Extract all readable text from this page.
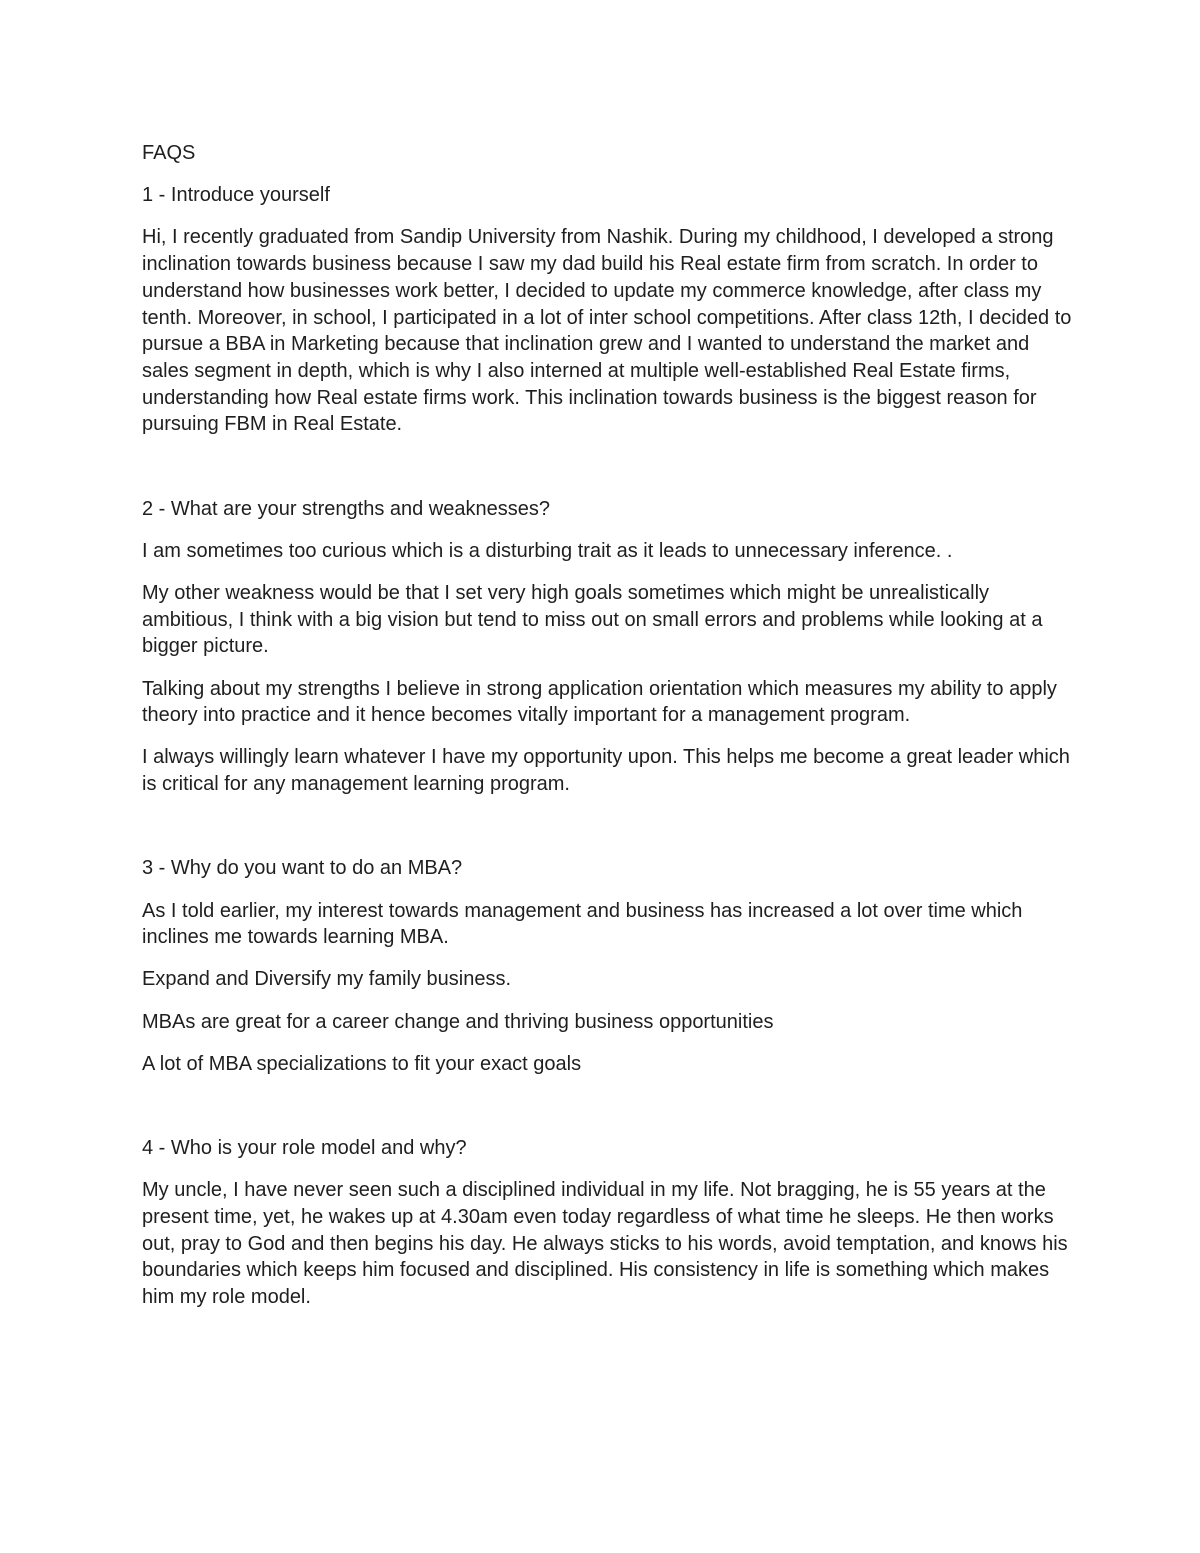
FAQS
1 - Introduce yourself

Hi, I recently graduated from Sandip University from Nashik. During my childhood, I developed a strong inclination towards business because I saw my dad build his Real estate firm from scratch. In order to understand how businesses work better, I decided to update my commerce knowledge, after class my tenth. Moreover, in school, I participated in a lot of inter school competitions. After class 12th, I decided to pursue a BBA in Marketing because that inclination grew and I wanted to understand the market and sales segment in depth, which is why I also interned at multiple well-established Real Estate firms, understanding how Real estate firms work. This inclination towards business is the biggest reason for pursuing FBM in Real Estate.

2 - What are your strengths and weaknesses?

I am sometimes too curious which is a disturbing trait as it leads to unnecessary inference. .

My other weakness would be that I set very high goals sometimes which might be unrealistically ambitious, I think with a big vision but tend to miss out on small errors and problems while looking at a bigger picture.

Talking about my strengths I believe in strong application orientation which measures my ability to apply theory into practice and it hence becomes vitally important for a management program.

I always willingly learn whatever I have my opportunity upon. This helps me become a great leader which is critical for any management learning program.

3 - Why do you want to do an MBA?

As I told earlier, my interest towards management and business has increased a lot over time which inclines me towards learning MBA.

Expand and Diversify my family business.

MBAs are great for a career change and thriving business opportunities

A lot of MBA specializations to fit your exact goals

4 - Who is your role model and why?

My uncle, I have never seen such a disciplined individual in my life. Not bragging, he is 55 years at the present time, yet, he wakes up at 4.30am even today regardless of what time he sleeps. He then works out, pray to God and then begins his day. He always sticks to his words, avoid temptation, and knows his boundaries which keeps him focused and disciplined. His consistency in life is something which makes him my role model.
